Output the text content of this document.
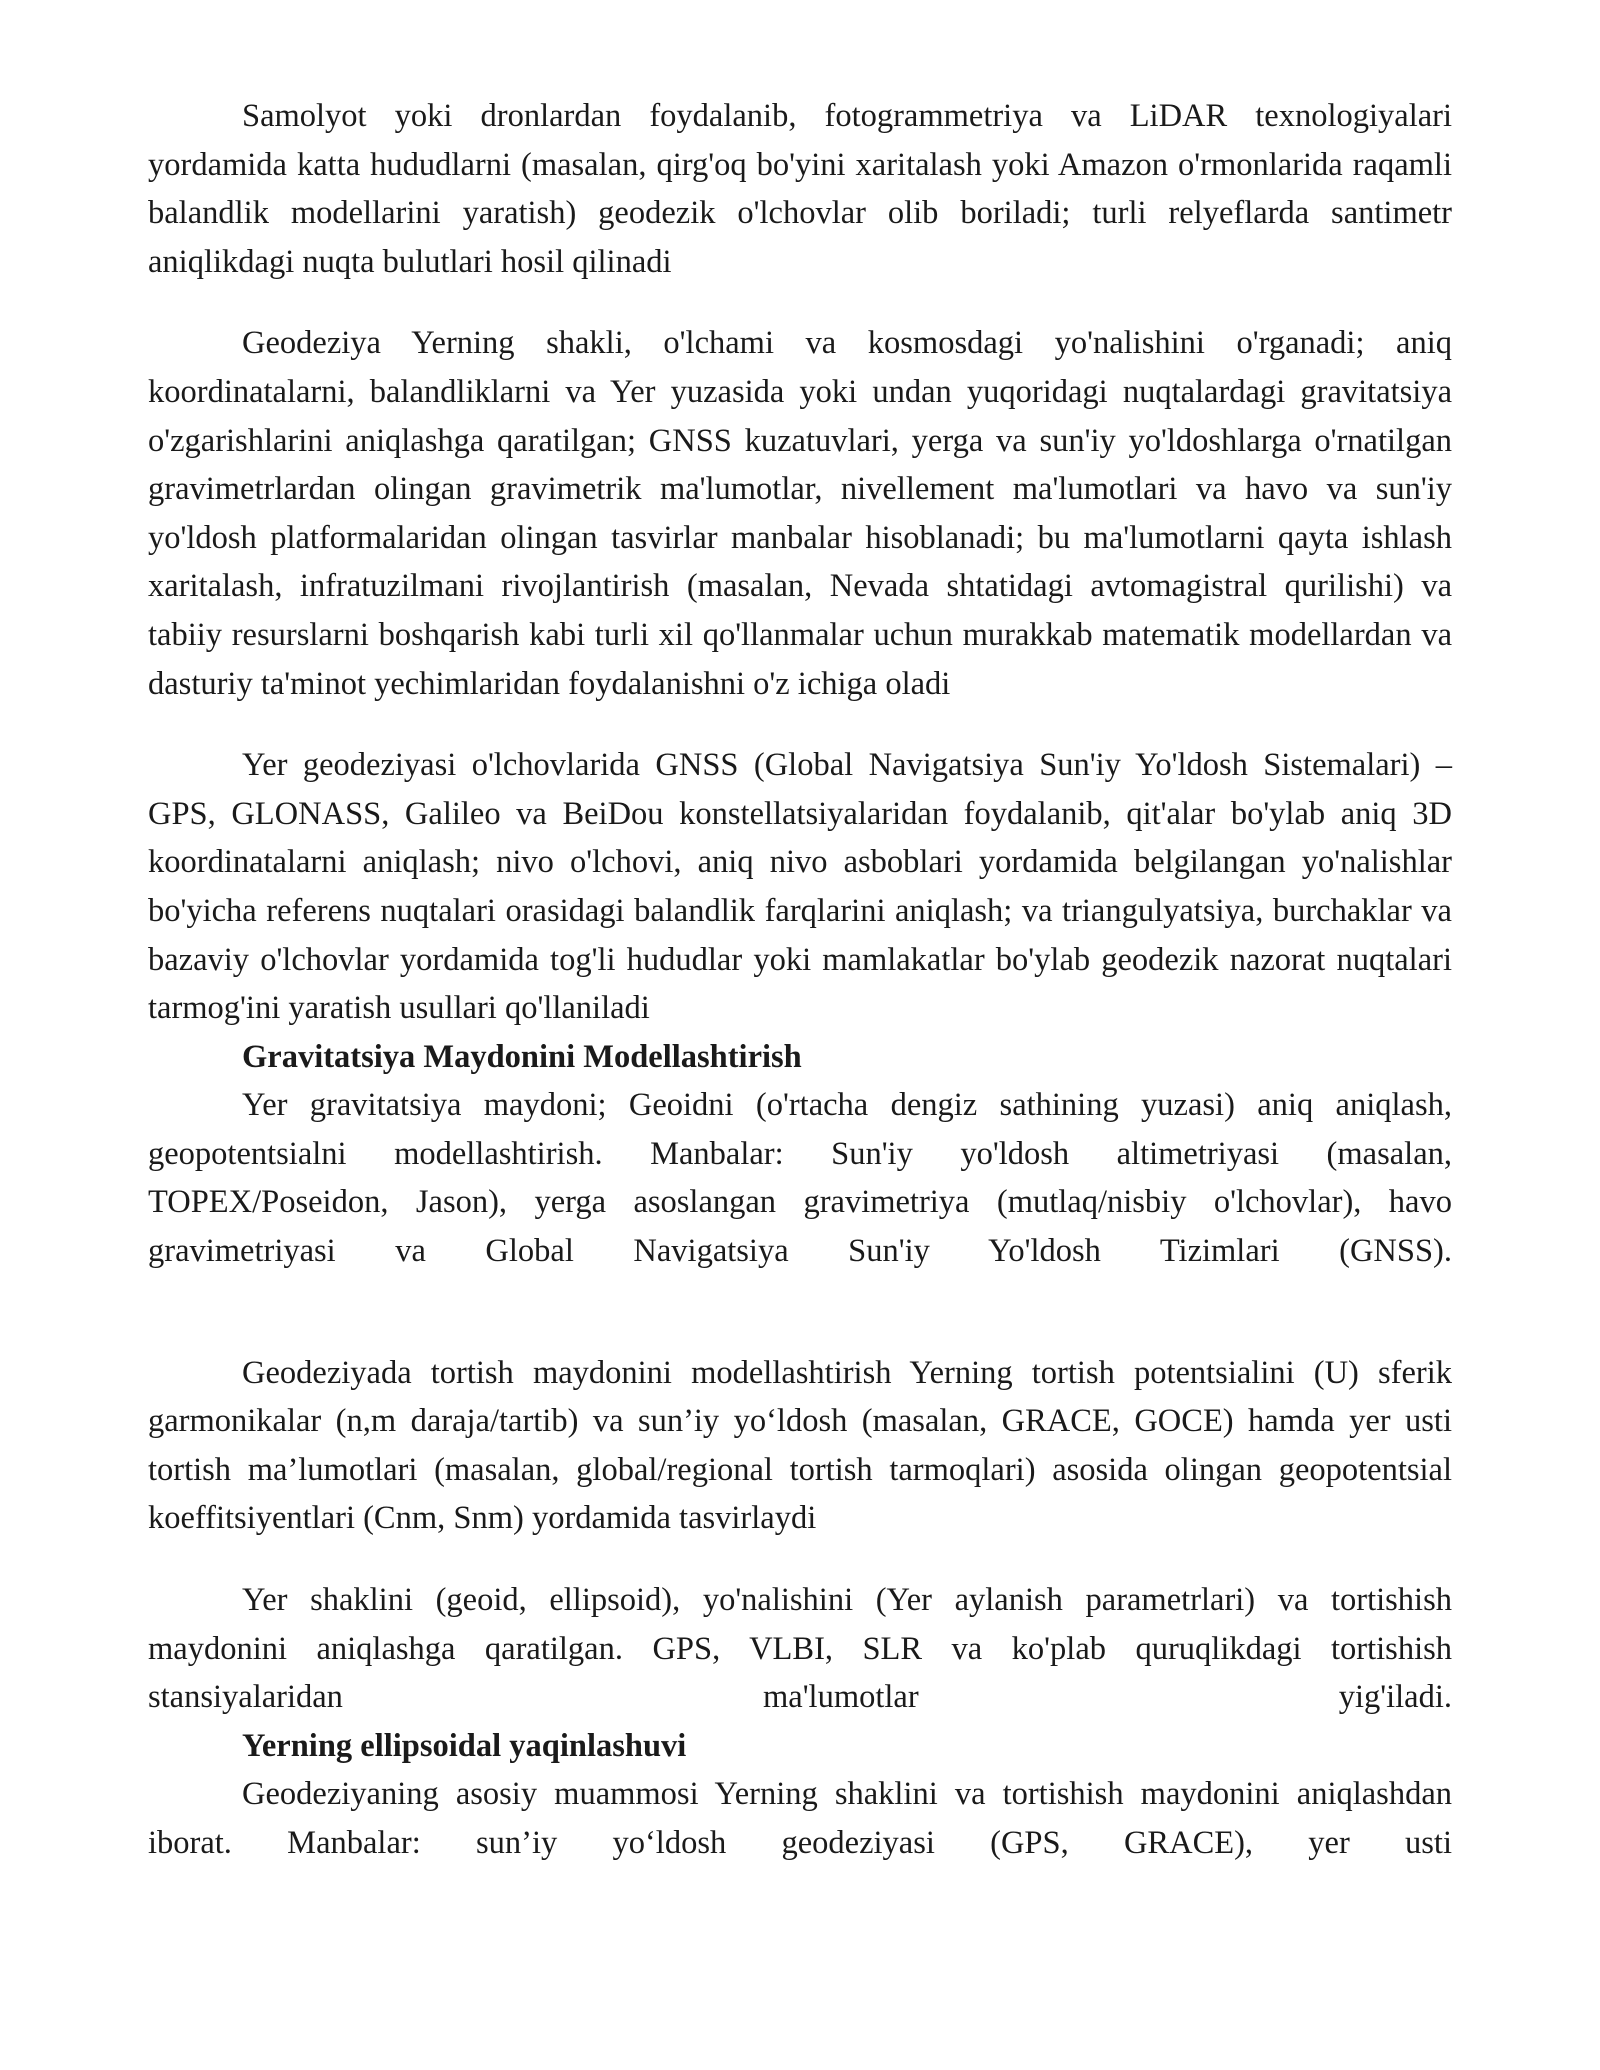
Samolyot yoki dronlardan foydalanib, fotogrammetriya va LiDAR texnologiyalari yordamida katta hududlarni (masalan, qirg'oq bo'yini xaritalash yoki Amazon o'rmonlarida raqamli balandlik modellarini yaratish) geodezik o'lchovlar olib boriladi; turli relyeflarda santimetr aniqlikdagi nuqta bulutlari hosil qilinadi

Geodeziya Yerning shakli, o'lchami va kosmosdagi yo'nalishini o'rganadi; aniq koordinatalarni, balandliklarni va Yer yuzasida yoki undan yuqoridagi nuqtalardagi gravitatsiya o'zgarishlarini aniqlashga qaratilgan; GNSS kuzatuvlari, yerga va sun'iy yo'ldoshlarga o'rnatilgan gravimetrlardan olingan gravimetrik ma'lumotlar, nivellement ma'lumotlari va havo va sun'iy yo'ldosh platformalaridan olingan tasvirlar manbalar hisoblanadi; bu ma'lumotlarni qayta ishlash xaritalash, infratuzilmani rivojlantirish (masalan, Nevada shtatidagi avtomagistral qurilishi) va tabiiy resurslarni boshqarish kabi turli xil qo'llanmalar uchun murakkab matematik modellardan va dasturiy ta'minot yechimlaridan foydalanishni o'z ichiga oladi

Yer geodeziyasi o'lchovlarida GNSS (Global Navigatsiya Sun'iy Yo'ldosh Sistemalari) – GPS, GLONASS, Galileo va BeiDou konstellatsiyalaridan foydalanib, qit'alar bo'ylab aniq 3D koordinatalarni aniqlash; nivo o'lchovi, aniq nivo asboblari yordamida belgilangan yo'nalishlar bo'yicha referens nuqtalari orasidagi balandlik farqlarini aniqlash; va triangulyatsiya, burchaklar va bazaviy o'lchovlar yordamida tog'li hududlar yoki mamlakatlar bo'ylab geodezik nazorat nuqtalari tarmog'ini yaratish usullari qo'llaniladi

Gravitatsiya Maydonini Modellashtirish

Yer gravitatsiya maydoni; Geoidni (o'rtacha dengiz sathining yuzasi) aniq aniqlash, geopotentsialni modellashtirish. Manbalar: Sun'iy yo'ldosh altimetriyasi (masalan, TOPEX/Poseidon, Jason), yerga asoslangan gravimetriya (mutlaq/nisbiy o'lchovlar), havo gravimetriyasi va Global Navigatsiya Sun'iy Yo'ldosh Tizimlari (GNSS).

Geodeziyada tortish maydonini modellashtirish Yerning tortish potentsialini (U) sferik garmonikalar (n,m daraja/tartib) va sun’iy yo‘ldosh (masalan, GRACE, GOCE) hamda yer usti tortish ma’lumotlari (masalan, global/regional tortish tarmoqlari) asosida olingan geopotentsial koeffitsiyentlari (Cnm, Snm) yordamida tasvirlaydi

Yer shaklini (geoid, ellipsoid), yo'nalishini (Yer aylanish parametrlari) va tortishish maydonini aniqlashga qaratilgan. GPS, VLBI, SLR va ko'plab quruqlikdagi tortishish stansiyalaridan ma'lumotlar yig'iladi.

Yerning ellipsoidal yaqinlashuvi

Geodeziyaning asosiy muammosi Yerning shaklini va tortishish maydonini aniqlashdan iborat. Manbalar: sun’iy yo‘ldosh geodeziyasi (GPS, GRACE), yer usti
